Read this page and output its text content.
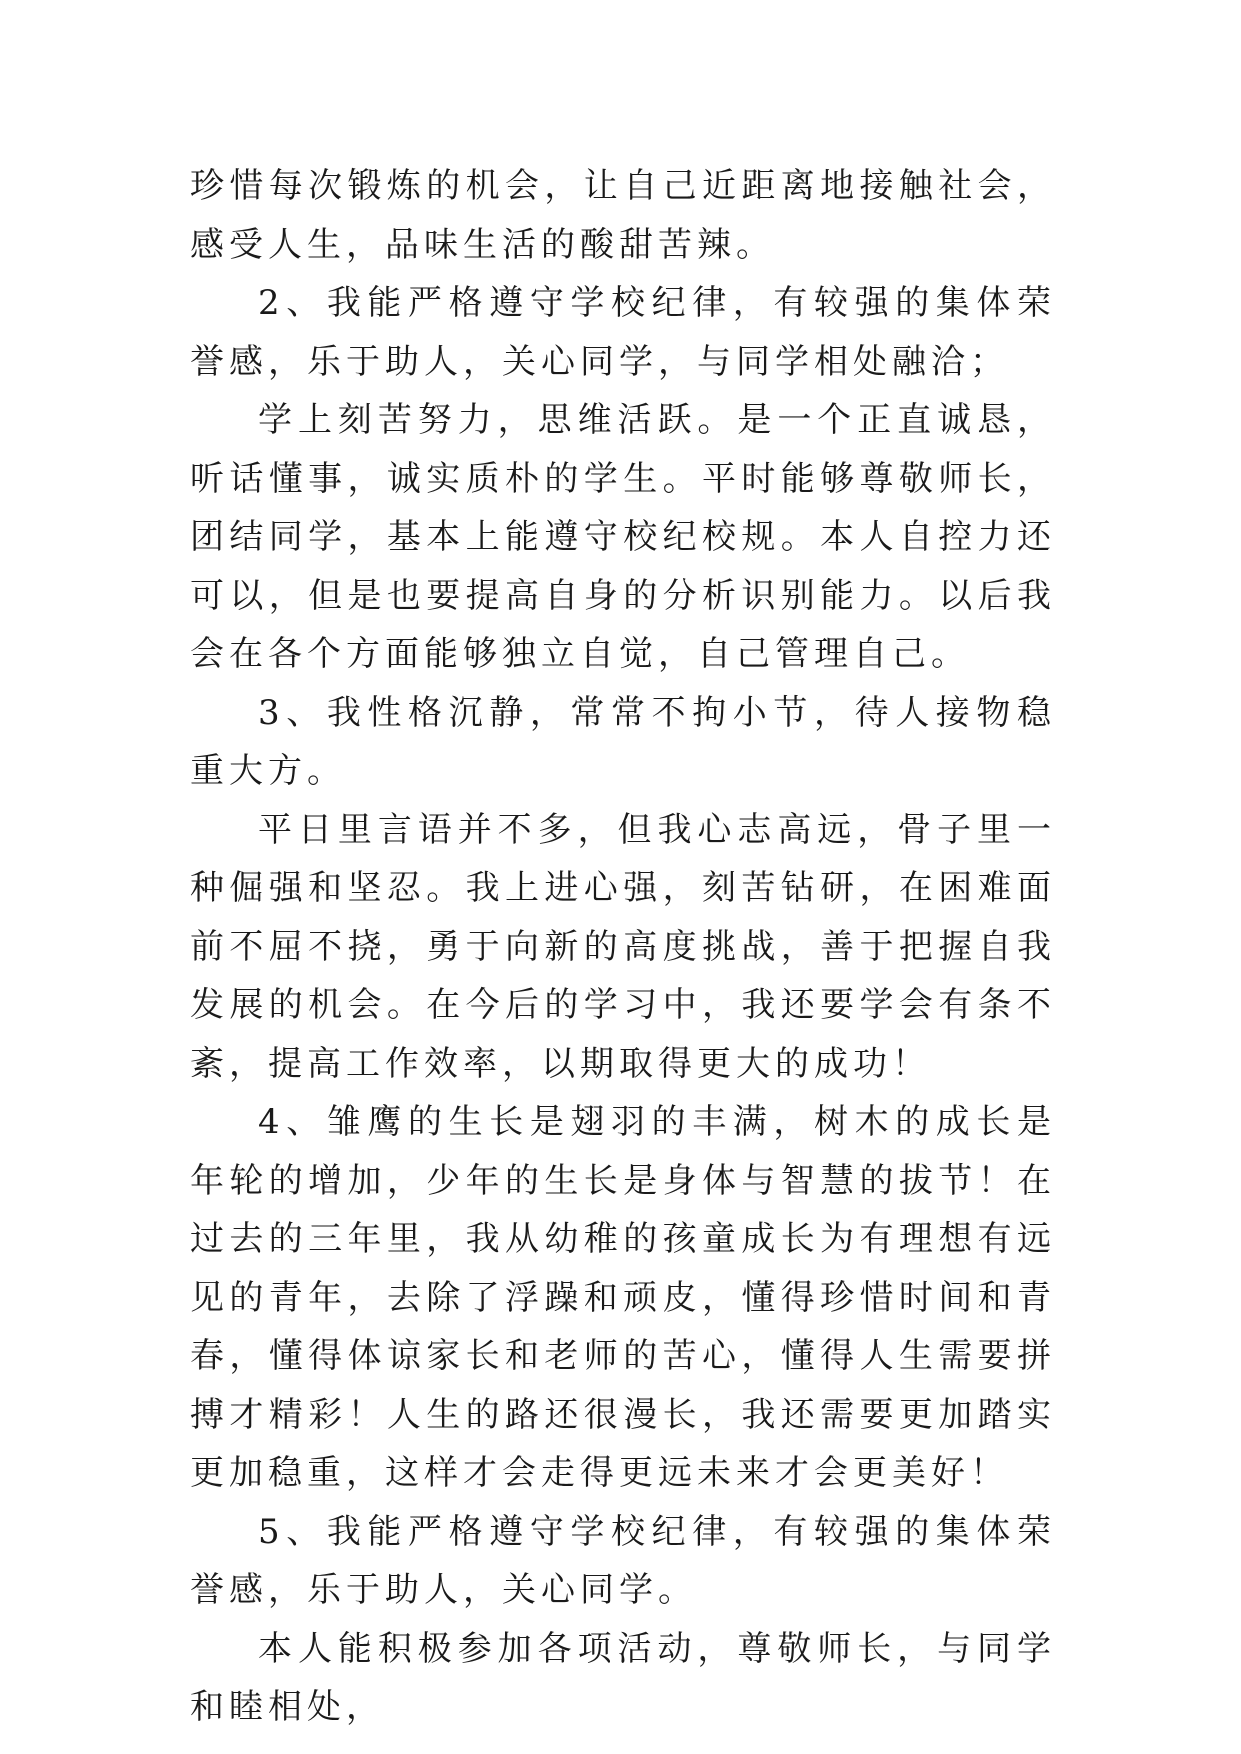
珍惜每次锻炼的机会，让自己近距离地接触社会，感受人生，品味生活的酸甜苦辣。

2、我能严格遵守学校纪律，有较强的集体荣誉感，乐于助人，关心同学，与同学相处融洽；

学上刻苦努力，思维活跃。是一个正直诚恳，听话懂事，诚实质朴的学生。平时能够尊敬师长，团结同学，基本上能遵守校纪校规。本人自控力还可以，但是也要提高自身的分析识别能力。以后我会在各个方面能够独立自觉，自己管理自己。

3、我性格沉静，常常不拘小节，待人接物稳重大方。

平日里言语并不多，但我心志高远，骨子里一种倔强和坚忍。我上进心强，刻苦钻研，在困难面前不屈不挠，勇于向新的高度挑战，善于把握自我发展的机会。在今后的学习中，我还要学会有条不紊，提高工作效率，以期取得更大的成功！

4、雏鹰的生长是翅羽的丰满，树木的成长是年轮的增加，少年的生长是身体与智慧的拔节！在过去的三年里，我从幼稚的孩童成长为有理想有远见的青年，去除了浮躁和顽皮，懂得珍惜时间和青春，懂得体谅家长和老师的苦心，懂得人生需要拼搏才精彩！人生的路还很漫长，我还需要更加踏实更加稳重，这样才会走得更远未来才会更美好！

5、我能严格遵守学校纪律，有较强的集体荣誉感，乐于助人，关心同学。

本人能积极参加各项活动，尊敬师长，与同学和睦相处，
